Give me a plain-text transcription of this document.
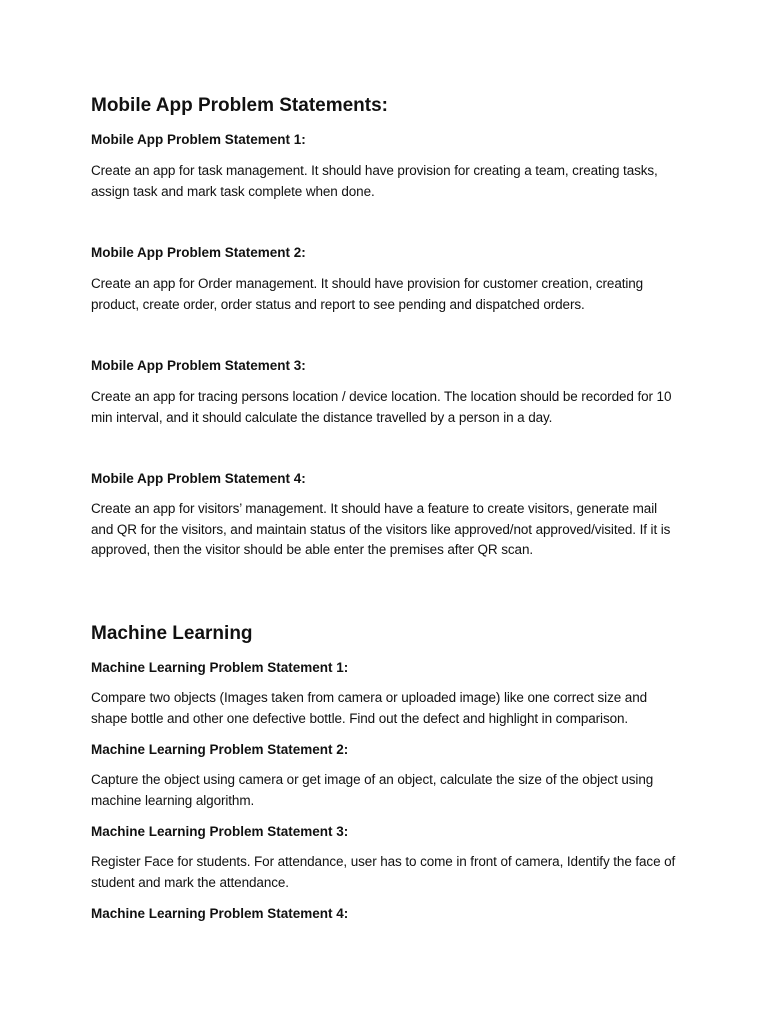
Mobile App Problem Statements:
Mobile App Problem Statement 1:

Create an app for task management. It should have provision for creating a team, creating tasks, assign task and mark task complete when done.

Mobile App Problem Statement 2:

Create an app for Order management. It should have provision for customer creation, creating product, create order, order status and report to see pending and dispatched orders.

Mobile App Problem Statement 3:

Create an app for tracing persons location / device location. The location should be recorded for 10 min interval, and it should calculate the distance travelled by a person in a day.

Mobile App Problem Statement 4:

Create an app for visitors’ management. It should have a feature to create visitors, generate mail and QR for the visitors, and maintain status of the visitors like approved/not approved/visited. If it is approved, then the visitor should be able enter the premises after QR scan.

Machine Learning
Machine Learning Problem Statement 1:

Compare two objects (Images taken from camera or uploaded image) like one correct size and shape bottle and other one defective bottle. Find out the defect and highlight in comparison.

Machine Learning Problem Statement 2:

Capture the object using camera or get image of an object, calculate the size of the object using machine learning algorithm.

Machine Learning Problem Statement 3:

Register Face for students. For attendance, user has to come in front of camera, Identify the face of student and mark the attendance.

Machine Learning Problem Statement 4:
